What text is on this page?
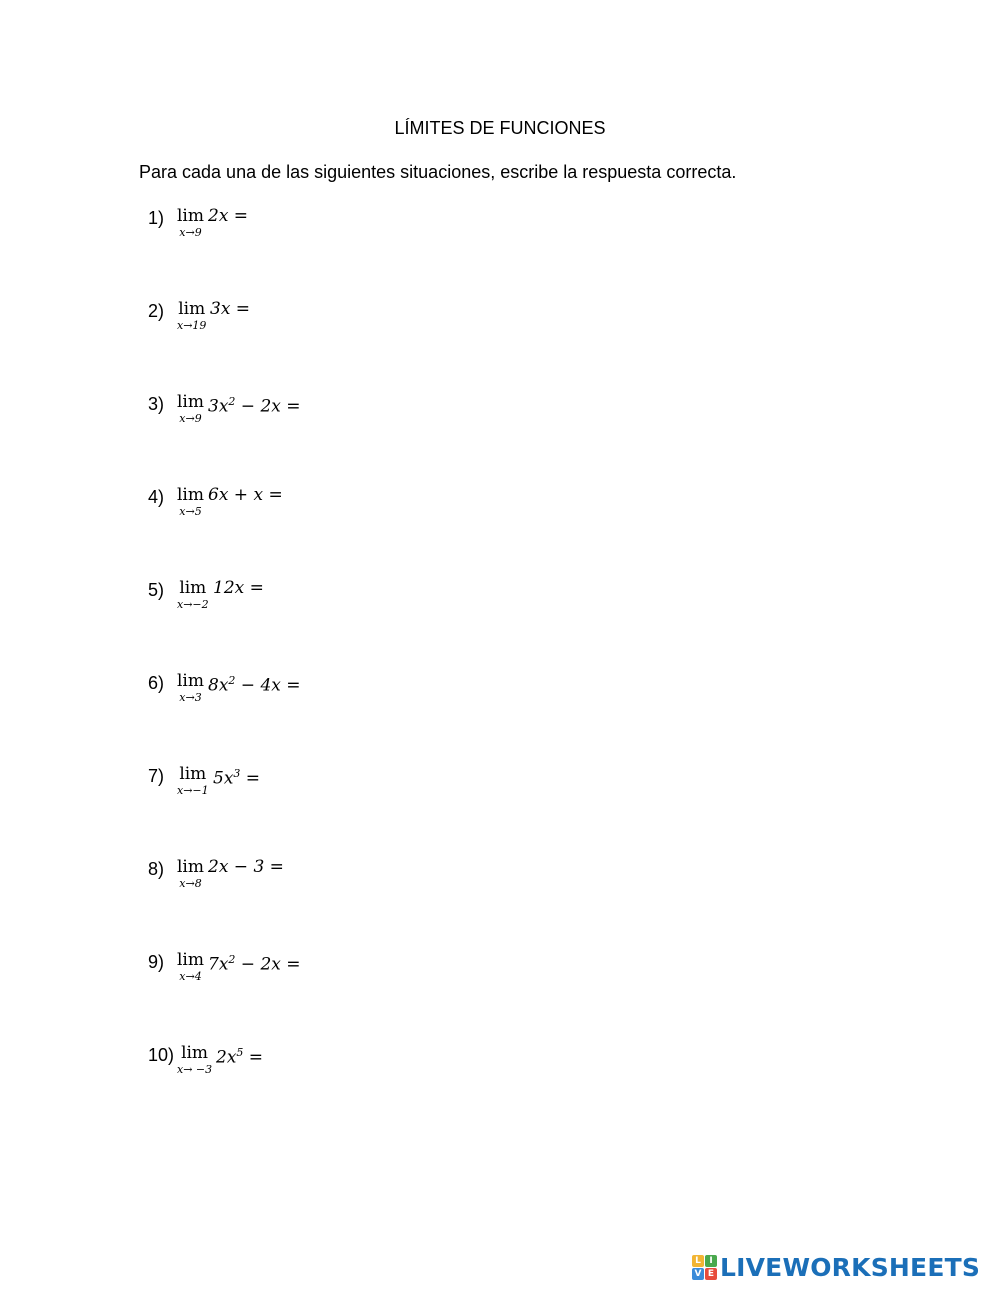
LÍMITES DE FUNCIONES
Para cada una de las siguientes situaciones, escribe la respuesta correcta.
1) lim
x→9
2x =
2) lim
x→19
3x =
3) lim
x→9
$3x^2 - 2x$ =
4) lim
x→5
6x + x =
5) lim
x→−2
12x =
6) lim
x→3
$8x^2 - 4x$ =
7) lim
x→−1
$5x^3$ =
8) lim
x→8
2x − 3 =
9) lim
x→4
$7x^2 - 2x$ =
10) lim
x→ −3
$2x^5$ =
L I
V E LIVEWORKSHEETS
